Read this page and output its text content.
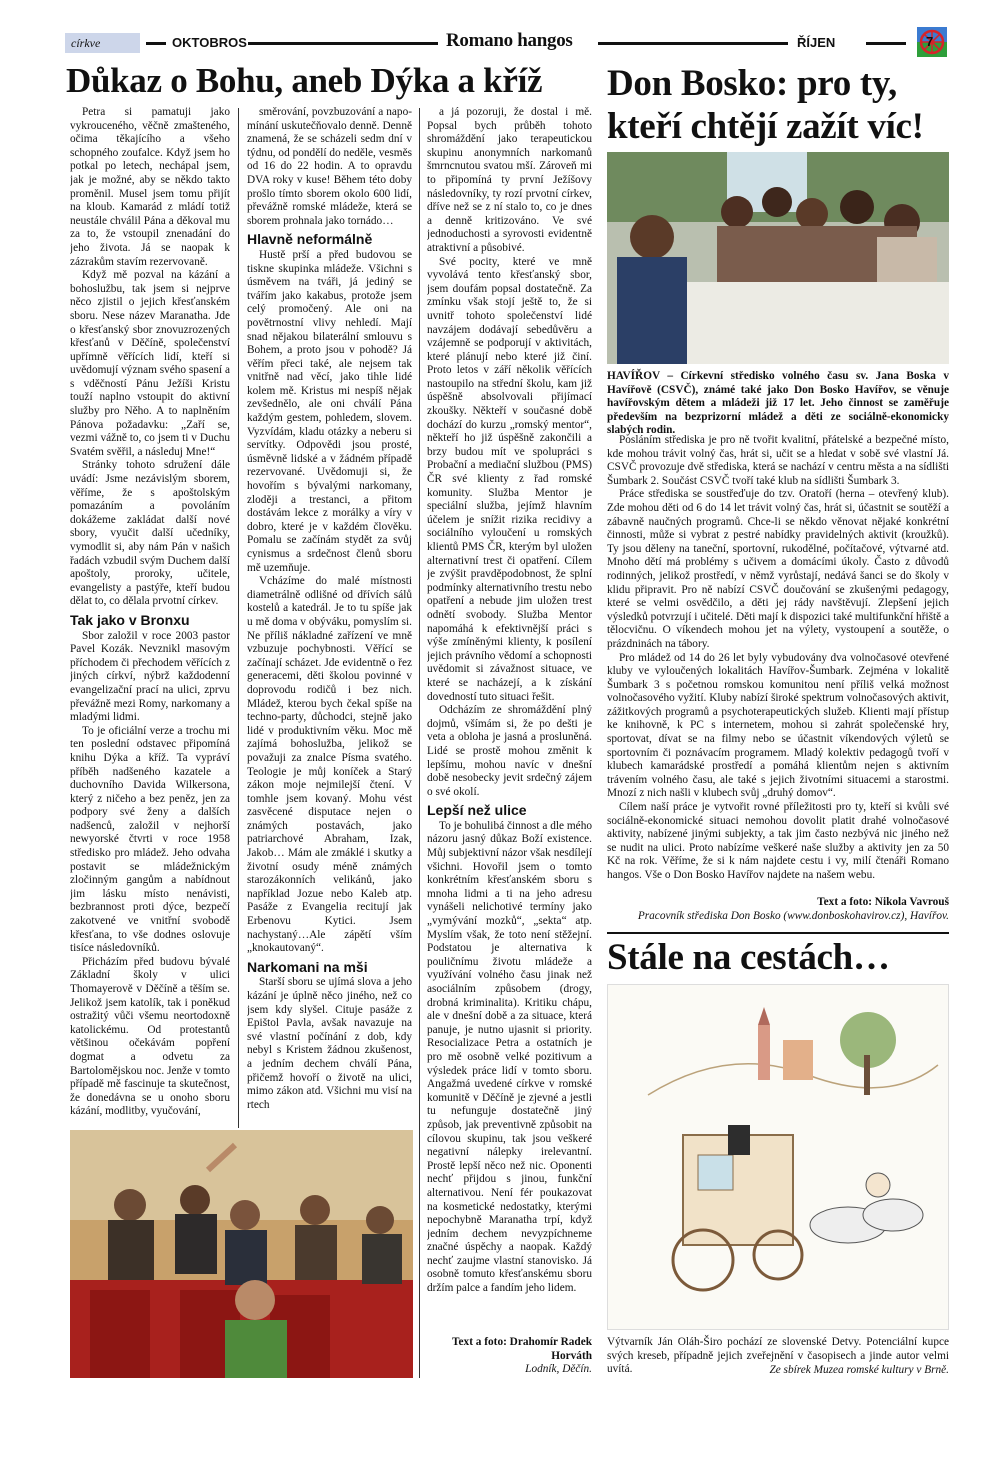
církve	OKTOBROS	Romano hangos	ŘÍJEN	7
Důkaz o Bohu, aneb Dýka a kříž

Petra si pamatuji jako vykrouceného, věčně zmašteného, očima těkajícího a všeho schopného zoufalce. Když jsem ho potkal po letech, nechápal jsem, jak je možné, aby se někdo takto proměnil. Musel jsem tomu přijít na kloub. Kamarád z mládí totiž neustále chválil Pána a děkoval mu za to, že vstoupil znenadání do jeho života. Já se naopak k zázrakům stavím rezervovaně.

Když mě pozval na kázání a bohoslužbu, tak jsem si nejprve něco zjistil o jejich křesťanském sboru. Nese název Maranatha. Jde o křesťanský sbor znovuzrozených křesťanů v Děčíně, společenství upřímně věřících lidí, kteří si uvědomují význam svého spasení a s vděčností Pánu Ježíši Kristu touží naplno vstoupit do aktivní služby pro Něho. A to naplněním Pánova požadavku: „Zaří se, vezmi vážně to, co jsem ti v Duchu Svatém svěřil, a následuj Mne!“

Stránky tohoto sdružení dále uvádí: Jsme nezávislým sborem, věříme, že s apoštolským pomazáním a povoláním dokážeme zakládat další nové sbory, vyučit další učedníky, vymodlit si, aby nám Pán v našich řadách vzbudil svým Duchem další apoštoly, proroky, učitele, evangelisty a pastýře, kteří budou dělat to, co dělala prvotní církev.

Tak jako v Bronxu

Sbor založil v roce 2003 pastor Pavel Kozák. Nevznikl masovým příchodem či přechodem věřících z jiných církví, nýbrž každodenní evangelizační prací na ulici, zprvu převážně mezi Romy, narkomany a mladými lidmi.

To je oficiální verze a trochu mi ten poslední odstavec připomíná knihu Dýka a kříž. Ta vypráví příběh nadšeného kazatele a duchovního Davida Wilkersona, který z ničeho a bez peněz, jen za podpory své ženy a dalších nadšenců, založil v nejhorší newyorské čtvrti v roce 1958 středisko pro mládež. Jeho odvaha postavit se mládežnickým zločinným gangům a nabídnout jim lásku místo nenávisti, bezbrannost proti dýce, bezpečí zakotvené ve vnitřní svobodě křesťana, to vše dodnes oslovuje tisíce následovníků.

Přicházím před budovu bývalé Základní školy v ulici Thomayerově v Děčíně a těším se. Jelikož jsem katolík, tak i poněkud ostražitý vůči všemu neortodoxně katolickému. Od protestantů většinou očekávám popření dogmat a odvetu za Bartolomějskou noc. Jenže v tomto případě mě fascinuje ta skutečnost, že donedávna se u onoho sboru kázání, modlitby, vyučování,

směrování, povzbuzování a napomínání uskutečňovalo denně. Denně znamená, že se scházeli sedm dní v týdnu, od pondělí do neděle, vesměs od 16 do 22 hodin. A to opravdu DVA roky v kuse! Během této doby prošlo tímto sborem okolo 600 lidí, převážně romské mládeže, která se sborem prohnala jako tornádo…

Hlavně neformálně

Hustě prší a před budovou se tiskne skupinka mládeže. Všichni s úsměvem na tváři, já jediný se tvářím jako kakabus, protože jsem celý promočený. Ale oni na povětrnostní vlivy nehledí. Mají snad nějakou bilaterální smlouvu s Bohem, a proto jsou v pohodě? Já věřím přeci také, ale nejsem tak vnitřně nad věcí, jako tihle lidé kolem mě. Kristus mi nespíš nějak zevšednělo, ale oni chválí Pána každým gestem, pohledem, slovem. Vyzvídám, kladu otázky a neberu si servítky. Odpovědi jsou prosté, úsměvně lidské a v žádném případě rezervované. Uvědomuji si, že hovořím s bývalými narkomany, zloději a trestanci, a přitom dostávám lekce z morálky a víry v dobro, které je v každém člověku. Pomalu se začínám stydět za svůj cynismus a srdečnost členů sboru mě uzemňuje.

Vcházíme do malé místnosti diametrálně odlišné od dřívích sálů kostelů a katedrál. Je to tu spíše jak u mě doma v obýváku, pomyslím si. Ne příliš nákladné zařízení ve mně vzbuzuje pochybnosti. Věřící se začínají scházet. Jde evidentně o řez generacemi, děti školou povinné v doprovodu rodičů i bez nich. Mládež, kterou bych čekal spíše na techno-party, důchodci, stejně jako lidé v produktivním věku. Moc mě zajímá bohoslužba, jelikož se považuji za znalce Písma svatého. Teologie je můj koníček a Starý zákon moje nejmilejší čtení. V tomhle jsem kovaný. Mohu vést zasvěcené disputace nejen o známých postavách, jako patriarchové Abraham, Izak, Jakob… Mám ale zmáklé i skutky a životní osudy méně známých starozákonních velikánů, jako například Jozue nebo Kaleb atp. Pasáže z Evangelia recitují jak Erbenovu Kytici. Jsem nachystaný…Ale zápětí vším „knokautovaný“.

Narkomani na mši

Starší sboru se ujímá slova a jeho kázání je úplně něco jiného, než co jsem kdy slyšel. Cituje pasáže z Epištol Pavla, avšak navazuje na své vlastní počínání z dob, kdy nebyl s Kristem žádnou zkušenost, a jedním dechem chválí Pána, přičemž hovoří o životě na ulici, mimo zákon atd. Všichni mu visí na rtech

a já pozoruji, že dostal i mě. Popsal bych průběh tohoto shromáždění jako terapeutickou skupinu anonymních narkomanů šmrncnutou svatou mší. Zároveň mi to připomíná ty první Ježíšovy následovníky, ty rozí prvotní církev, dříve než se z ní stalo to, co je dnes a denně kritizováno. Ve své jednoduchosti a syrovosti evidentně atraktivní a působivé.

Své pocity, které ve mně vyvolává tento křesťanský sbor, jsem doufám popsal dostatečně. Za zmínku však stojí ještě to, že si uvnitř tohoto společenství lidé navzájem dodávají sebedůvěru a vzájemně se podporují v aktivitách, které plánují nebo které již činí. Proto letos v září několik věřících nastoupilo na střední školu, kam již úspěšně absolvovali přijímací zkoušky. Někteří v současné době dochází do kurzu „romský mentor“, někteří ho již úspěšně zakončili a brzy budou mít ve spolupráci s Probační a mediační službou (PMS) ČR své klienty z řad romské komunity. Služba Mentor je speciální služba, jejímž hlavním účelem je snížit rizika recidivy a sociálního vyloučení u romských klientů PMS ČR, kterým byl uložen alternativní trest či opatření. Cílem je zvýšit pravděpodobnost, že splní podmínky alternativního trestu nebo opatření a nebude jim uložen trest odnětí svobody. Služba Mentor napomáhá k efektivnější práci s výše zmíněnými klienty, k posílení jejich právního vědomí a schopnosti uvědomit si závažnost situace, ve které se nacházejí, a k získání dovedností tuto situaci řešit.

Odcházím ze shromáždění plný dojmů, všímám si, že po dešti je veta a obloha je jasná a prosluněná. Lidé se prostě mohou změnit k lepšímu, mohou navíc v dnešní době nesobecky jevit srdečný zájem o své okolí.

Lepší než ulice

To je bohulibá činnost a dle mého názoru jasný důkaz Boží existence. Můj subjektivní názor však nesdílejí všichni. Hovořil jsem o tomto konkrétním křesťanském sboru s mnoha lidmi a ti na jeho adresu vynášeli nelichotivé termíny jako „vymývání mozků“, „sekta“ atp. Myslím však, že toto není stěžejní. Podstatou je alternativa k pouličnímu životu mládeže a využívání volného času jinak než asociálním způsobem (drogy, drobná kriminalita). Kritiku chápu, ale v dnešní době a za situace, která panuje, je nutno ujasnit si priority. Resocializace Petra a ostatních je pro mě osobně velké pozitivum a výsledek práce lidí v tomto sboru. Angažmá uvedené církve v romské komunitě v Děčíně je zjevné a jestli tu nefunguje dostatečně jiný způsob, jak preventivně způsobit na cílovou skupinu, tak jsou veškeré negativní nálepky irelevantní. Prostě lepší něco než nic. Oponenti nechť přijdou s jinou, funkční alternativou. Není fér poukazovat na kosmetické nedostatky, kterými nepochybně Maranatha trpí, když jedním dechem nevyzpíchneme značné úspěchy a naopak. Každý nechť zaujme vlastní stanovisko. Já osobně tomuto křesťanskému sboru držím palce a fandím jeho lidem.

Text a foto: Drahomír Radek Horváth

Lodník, Děčín.

Don Bosko: pro ty, kteří chtějí zažít víc!
HAVÍŘOV – Církevní středisko volného času sv. Jana Boska v Havířově (CSVČ), známé také jako Don Bosko Havířov, se věnuje havířovským dětem a mládeži již 17 let. Jeho činnost se zaměřuje především na bezprizorní mládež a děti ze sociálně-ekonomicky slabých rodin.

Posláním střediska je pro ně tvořit kvalitní, přátelské a bezpečné místo, kde mohou trávit volný čas, hrát si, učit se a hledat v sobě své vlastní Já. CSVČ provozuje dvě střediska, která se nachází v centru města a na sídlišti Šumbark 2. Součást CSVČ tvoří také klub na sídlišti Šumbark 3.

Práce střediska se soustřeďuje do tzv. Oratoří (herna – otevřený klub). Zde mohou děti od 6 do 14 let trávit volný čas, hrát si, účastnit se soutěží a zábavně naučných programů. Chce-li se někdo věnovat nějaké konkrétní činnosti, může si vybrat z pestré nabídky pravidelných aktivit (kroužků). Ty jsou děleny na taneční, sportovní, rukodělné, počítačové, výtvarné atd. Mnoho dětí má problémy s učivem a domácími úkoly. Často z důvodů rodinných, jelikož prostředí, v němž vyrůstají, nedává šanci se do školy v klidu připravit. Pro ně nabízí CSVČ doučování se zkušenými pedagogy, které se velmi osvědčilo, a děti jej rády navštěvují. Zlepšení jejich výsledků potvrzují i učitelé. Děti mají k dispozici také multifunkční hřiště a tělocvičnu. O víkendech mohou jet na výlety, vystoupení a soutěže, o prázdninách na tábory.

Pro mládež od 14 do 26 let byly vybudovány dva volnočasové otevřené kluby ve vyloučených lokalitách Havířov-Šumbark. Zejména v lokalitě Šumbark 3 s početnou romskou komunitou není příliš velká možnost volnočasového vyžití. Kluby nabízí široké spektrum volnočasových aktivit, zážitkových programů a psychoterapeutických služeb. Klienti mají přístup ke knihovně, k PC s internetem, mohou si zahrát společenské hry, sportovat, dívat se na filmy nebo se účastnit víkendových výletů se sportovním či poznávacím programem. Mladý kolektiv pedagogů tvoří v klubech kamarádské prostředí a pomáhá klientům nejen s aktivním trávením volného času, ale také s jejich životními situacemi a starostmi. Mnozí z nich našli v klubech svůj „druhý domov“.

Cílem naší práce je vytvořit rovné příležitosti pro ty, kteří si kvůli své sociálně-ekonomické situaci nemohou dovolit platit drahé volnočasové aktivity, nabízené jinými subjekty, a tak jim často nezbývá nic jiného než se nudit na ulici. Proto nabízíme veškeré naše služby a aktivity jen za 50 Kč na rok. Věříme, že si k nám najdete cestu i vy, milí čtenáři Romano hangos. Vše o Don Bosko Havířov najdete na našem webu.

Text a foto: Nikola Vavrouš

Pracovník střediska Don Bosko (www.donboskohavirov.cz), Havířov.

Stále na cestách…
Výtvarník Ján Oláh-Širo pochází ze slovenské Detvy. Potenciální kupce svých kreseb, případně jejich zveřejnění v časopisech a jinde autor velmi uvítá.	Ze sbírek Muzea romské kultury v Brně.
